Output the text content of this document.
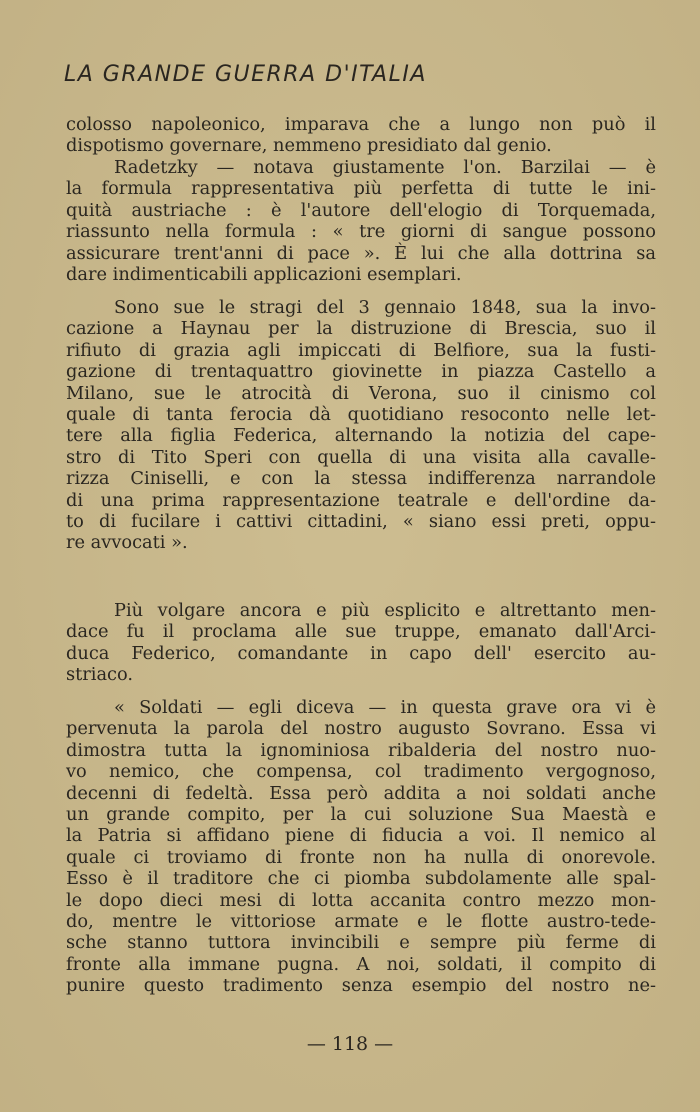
LA GRANDE GUERRA D'ITALIA
colosso napoleonico, imparava che a lungo non può il
dispotismo governare, nemmeno presidiato dal genio.
Radetzky — notava giustamente l'on. Barzilai — è
la formula rappresentativa più perfetta di tutte le ini-
quità austriache : è l'autore dell'elogio di Torquemada,
riassunto nella formula : « tre giorni di sangue possono
assicurare trent'anni di pace ». È lui che alla dottrina sa
dare indimenticabili applicazioni esemplari.
Sono sue le stragi del 3 gennaio 1848, sua la invo-
cazione a Haynau per la distruzione di Brescia, suo il
rifiuto di grazia agli impiccati di Belfiore, sua la fusti-
gazione di trentaquattro giovinette in piazza Castello a
Milano, sue le atrocità di Verona, suo il cinismo col
quale di tanta ferocia dà quotidiano resoconto nelle let-
tere alla figlia Federica, alternando la notizia del cape-
stro di Tito Speri con quella di una visita alla cavalle-
rizza Ciniselli, e con la stessa indifferenza narrandole
di una prima rappresentazione teatrale e dell'ordine da-
to di fucilare i cattivi cittadini, « siano essi preti, oppu-
re avvocati ».
Più volgare ancora e più esplicito e altrettanto men-
dace fu il proclama alle sue truppe, emanato dall'Arci-
duca Federico, comandante in capo dell' esercito au-
striaco.
« Soldati — egli diceva — in questa grave ora vi è
pervenuta la parola del nostro augusto Sovrano. Essa vi
dimostra tutta la ignominiosa ribalderia del nostro nuo-
vo nemico, che compensa, col tradimento vergognoso,
decenni di fedeltà. Essa però addita a noi soldati anche
un grande compito, per la cui soluzione Sua Maestà e
la Patria si affidano piene di fiducia a voi. Il nemico al
quale ci troviamo di fronte non ha nulla di onorevole.
Esso è il traditore che ci piomba subdolamente alle spal-
le dopo dieci mesi di lotta accanita contro mezzo mon-
do, mentre le vittoriose armate e le flotte austro-tede-
sche stanno tuttora invincibili e sempre più ferme di
fronte alla immane pugna. A noi, soldati, il compito di
punire questo tradimento senza esempio del nostro ne-
— 118 —
